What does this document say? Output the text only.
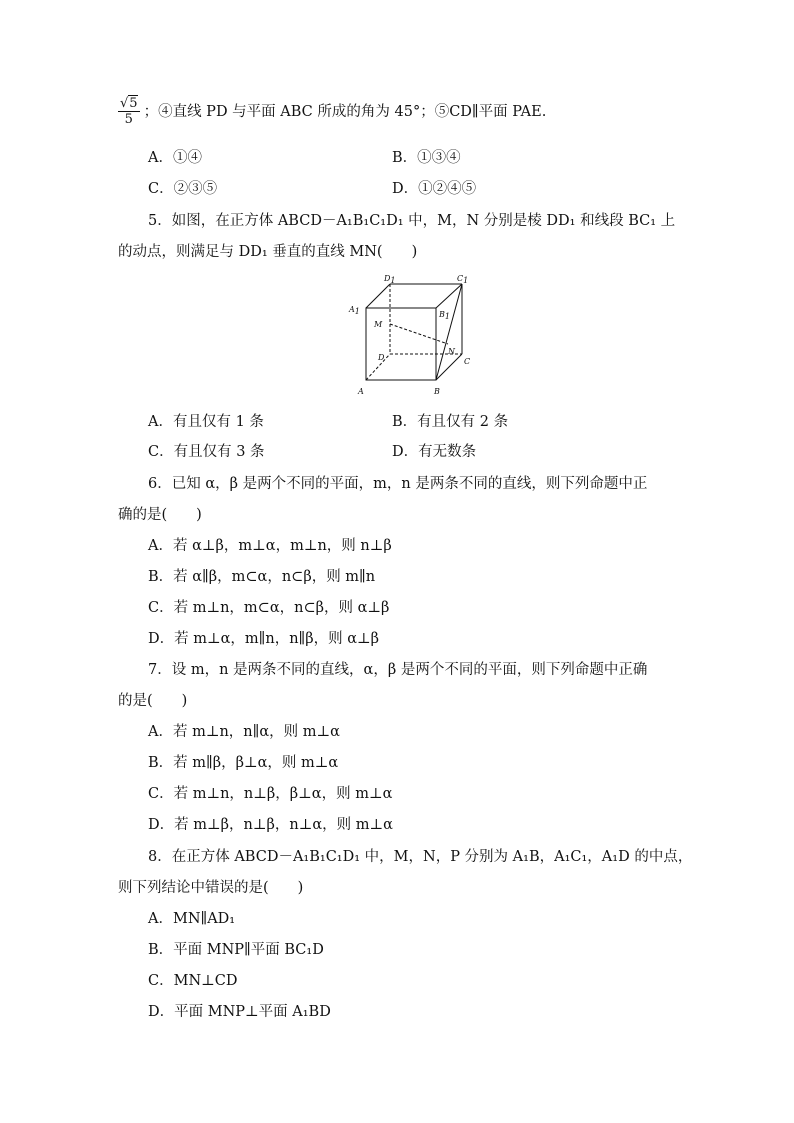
$\frac{√5}{5}$ ；④直线 PD 与平面 ABC 所成的角为 45°；⑤CD∥平面 PAE.
A．①④	B．①③④
C．②③⑤	D．①②④⑤
5．如图，在正方体 ABCD－A₁B₁C₁D₁ 中，M，N 分别是棱 DD₁ 和线段 BC₁ 上
的动点，则满足与 DD₁ 垂直的直线 MN(　　)
D1	C1
A1	B1
M
D
N
C
A	B
A．有且仅有 1 条	B．有且仅有 2 条
C．有且仅有 3 条	D．有无数条
6．已知 α，β 是两个不同的平面，m，n 是两条不同的直线，则下列命题中正
确的是(　　)
A．若 α⊥β，m⊥α，m⊥n，则 n⊥β
B．若 α∥β，m⊂α，n⊂β，则 m∥n
C．若 m⊥n，m⊂α，n⊂β，则 α⊥β
D．若 m⊥α，m∥n，n∥β，则 α⊥β
7．设 m，n 是两条不同的直线，α，β 是两个不同的平面，则下列命题中正确
的是(　　)
A．若 m⊥n，n∥α，则 m⊥α
B．若 m∥β，β⊥α，则 m⊥α
C．若 m⊥n，n⊥β，β⊥α，则 m⊥α
D．若 m⊥β，n⊥β，n⊥α，则 m⊥α
8．在正方体 ABCD－A₁B₁C₁D₁ 中，M，N，P 分别为 A₁B，A₁C₁，A₁D 的中点，
则下列结论中错误的是(　　)
A．MN∥AD₁
B．平面 MNP∥平面 BC₁D
C．MN⊥CD
D．平面 MNP⊥平面 A₁BD
